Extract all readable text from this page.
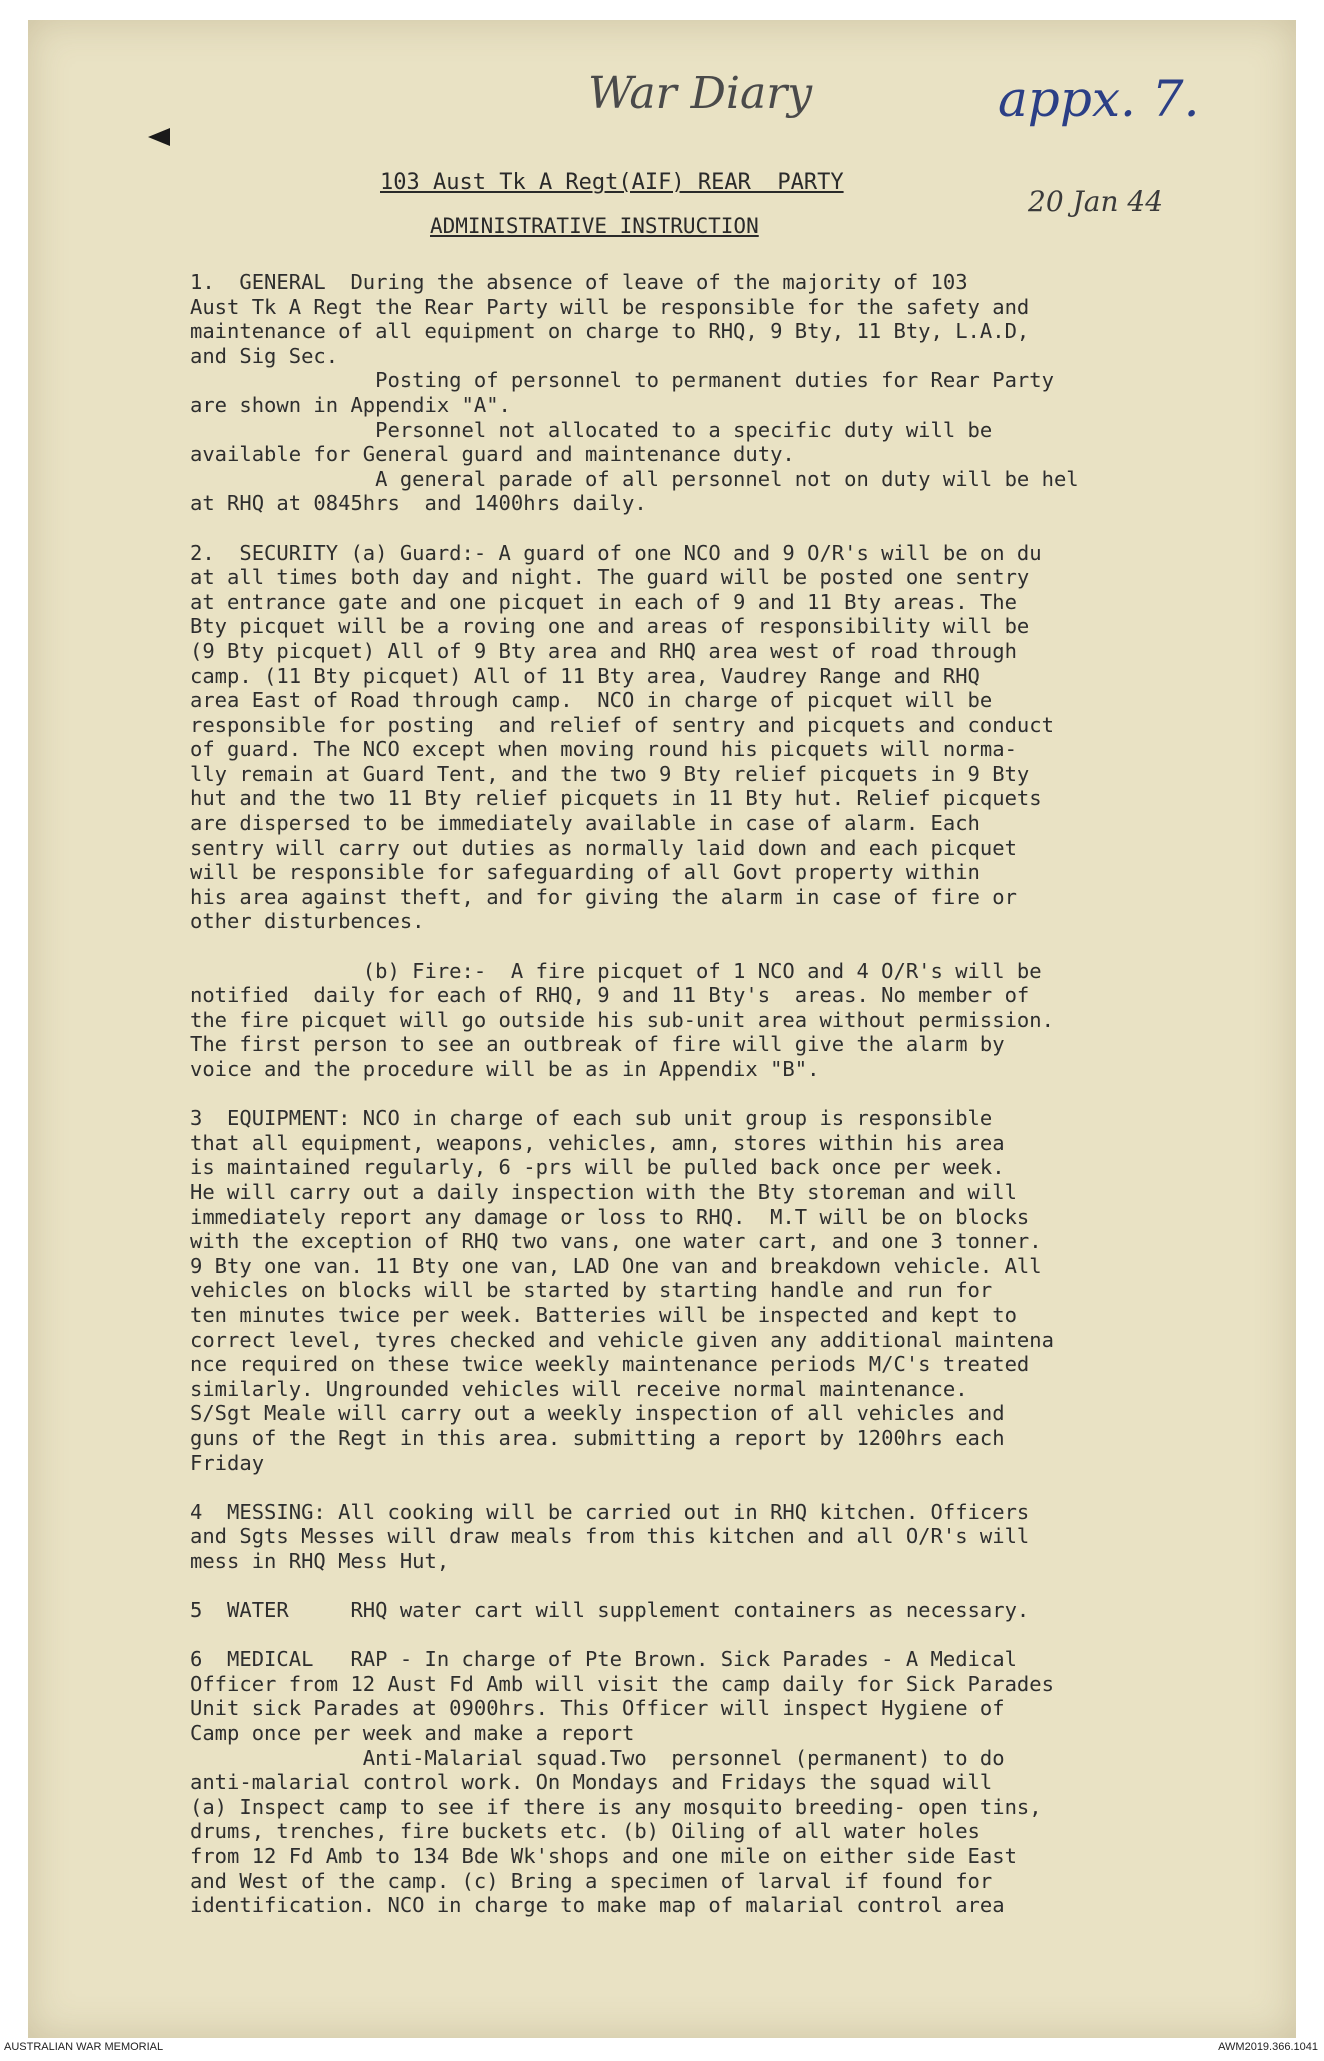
War Diary	appx. 7.
20 Jan 44
103 Aust Tk A Regt(AIF) REAR  PARTY
ADMINISTRATIVE INSTRUCTION

1.  GENERAL  During the absence of leave of the majority of 103

Aust Tk A Regt the Rear Party will be responsible for the safety and

maintenance of all equipment on charge to RHQ, 9 Bty, 11 Bty, L.A.D,

and Sig Sec.

Posting of personnel to permanent duties for Rear Party

are shown in Appendix "A".

Personnel not allocated to a specific duty will be

available for General guard and maintenance duty.

A general parade of all personnel not on duty will be hel

at RHQ at 0845hrs  and 1400hrs daily.

2.  SECURITY (a) Guard:- A guard of one NCO and 9 O/R's will be on du

at all times both day and night. The guard will be posted one sentry

at entrance gate and one picquet in each of 9 and 11 Bty areas. The

Bty picquet will be a roving one and areas of responsibility will be

(9 Bty picquet) All of 9 Bty area and RHQ area west of road through

camp. (11 Bty picquet) All of 11 Bty area, Vaudrey Range and RHQ

area East of Road through camp.  NCO in charge of picquet will be

responsible for posting  and relief of sentry and picquets and conduct

of guard. The NCO except when moving round his picquets will norma-

lly remain at Guard Tent, and the two 9 Bty relief picquets in 9 Bty

hut and the two 11 Bty relief picquets in 11 Bty hut. Relief picquets

are dispersed to be immediately available in case of alarm. Each

sentry will carry out duties as normally laid down and each picquet

will be responsible for safeguarding of all Govt property within

his area against theft, and for giving the alarm in case of fire or

other disturbences.

(b) Fire:-  A fire picquet of 1 NCO and 4 O/R's will be

notified  daily for each of RHQ, 9 and 11 Bty's  areas. No member of

the fire picquet will go outside his sub-unit area without permission.

The first person to see an outbreak of fire will give the alarm by

voice and the procedure will be as in Appendix "B".

3  EQUIPMENT: NCO in charge of each sub unit group is responsible

that all equipment, weapons, vehicles, amn, stores within his area

is maintained regularly, 6 -prs will be pulled back once per week.

He will carry out a daily inspection with the Bty storeman and will

immediately report any damage or loss to RHQ.  M.T will be on blocks

with the exception of RHQ two vans, one water cart, and one 3 tonner.

9 Bty one van. 11 Bty one van, LAD One van and breakdown vehicle. All

vehicles on blocks will be started by starting handle and run for

ten minutes twice per week. Batteries will be inspected and kept to

correct level, tyres checked and vehicle given any additional maintena

nce required on these twice weekly maintenance periods M/C's treated

similarly. Ungrounded vehicles will receive normal maintenance.

S/Sgt Meale will carry out a weekly inspection of all vehicles and

guns of the Regt in this area. submitting a report by 1200hrs each

Friday

4  MESSING: All cooking will be carried out in RHQ kitchen. Officers

and Sgts Messes will draw meals from this kitchen and all O/R's will

mess in RHQ Mess Hut,

5  WATER     RHQ water cart will supplement containers as necessary.

6  MEDICAL   RAP - In charge of Pte Brown. Sick Parades - A Medical

Officer from 12 Aust Fd Amb will visit the camp daily for Sick Parades

Unit sick Parades at 0900hrs. This Officer will inspect Hygiene of

Camp once per week and make a report

Anti-Malarial squad.Two  personnel (permanent) to do

anti-malarial control work. On Mondays and Fridays the squad will

(a) Inspect camp to see if there is any mosquito breeding- open tins,

drums, trenches, fire buckets etc. (b) Oiling of all water holes

from 12 Fd Amb to 134 Bde Wk'shops and one mile on either side East

and West of the camp. (c) Bring a specimen of larval if found for

identification. NCO in charge to make map of malarial control area

AUSTRALIAN WAR MEMORIAL	AWM2019.366.1041
